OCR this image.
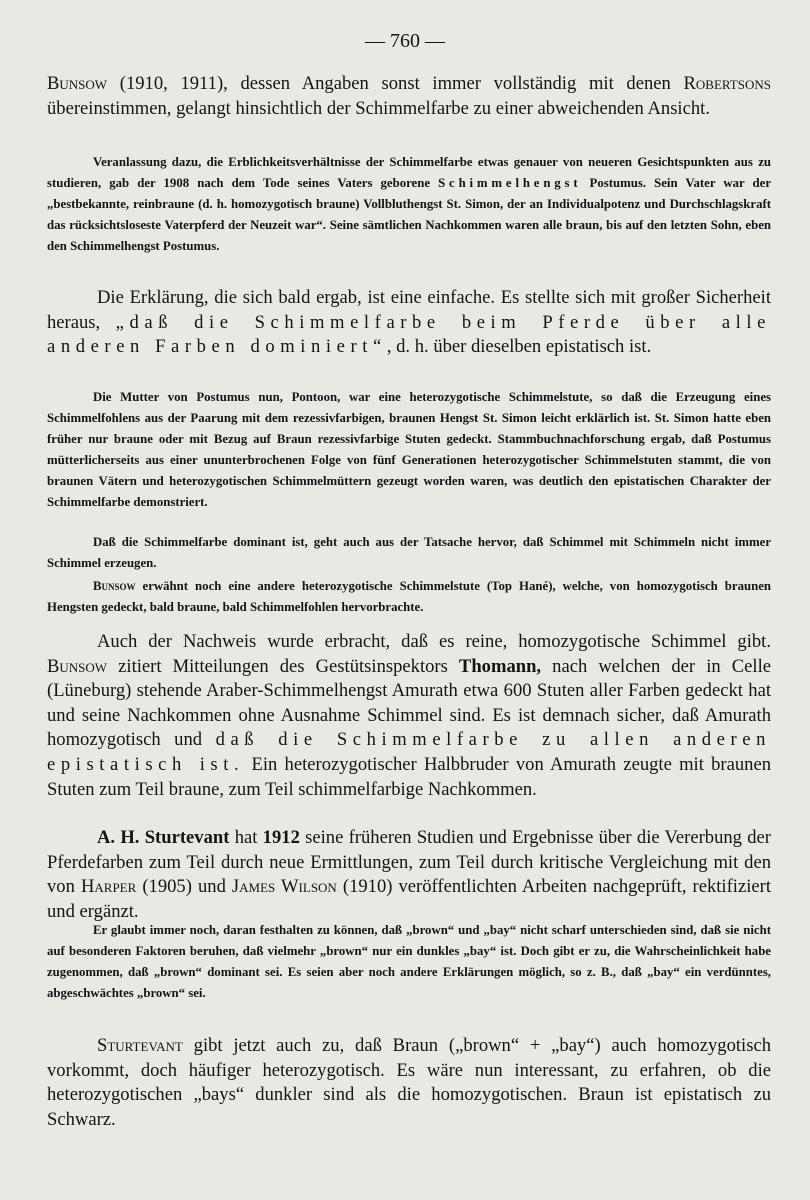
— 760 —

Bunsow (1910, 1911), dessen Angaben sonst immer vollständig mit denen Robertsons übereinstimmen, gelangt hinsichtlich der Schimmelfarbe zu einer abweichenden Ansicht.

Veranlassung dazu, die Erblichkeitsverhältnisse der Schimmelfarbe etwas genauer von neueren Gesichtspunkten aus zu studieren, gab der 1908 nach dem Tode seines Vaters geborene Schimmelhengst Postumus. Sein Vater war der „bestbekannte, reinbraune (d. h. homozygotisch braune) Vollbluthengst St. Simon, der an Individualpotenz und Durchschlagskraft das rücksichtsloseste Vaterpferd der Neuzeit war“. Seine sämtlichen Nachkommen waren alle braun, bis auf den letzten Sohn, eben den Schimmelhengst Postumus.

Die Erklärung, die sich bald ergab, ist eine einfache. Es stellte sich mit großer Sicherheit heraus, „daß die Schimmelfarbe beim Pferde über alle anderen Farben dominiert“, d. h. über dieselben epistatisch ist.

Die Mutter von Postumus nun, Pontoon, war eine heterozygotische Schimmelstute, so daß die Erzeugung eines Schimmelfohlens aus der Paarung mit dem rezessivfarbigen, braunen Hengst St. Simon leicht erklärlich ist. St. Simon hatte eben früher nur braune oder mit Bezug auf Braun rezessivfarbige Stuten gedeckt. Stammbuchnachforschung ergab, daß Postumus mütterlicherseits aus einer ununterbrochenen Folge von fünf Generationen heterozygotischer Schimmelstuten stammt, die von braunen Vätern und heterozygotischen Schimmelmüttern gezeugt worden waren, was deutlich den epistatischen Charakter der Schimmelfarbe demonstriert.

Daß die Schimmelfarbe dominant ist, geht auch aus der Tatsache hervor, daß Schimmel mit Schimmeln nicht immer Schimmel erzeugen.

Bunsow erwähnt noch eine andere heterozygotische Schimmelstute (Top Hané), welche, von homozygotisch braunen Hengsten gedeckt, bald braune, bald Schimmelfohlen hervorbrachte.

Auch der Nachweis wurde erbracht, daß es reine, homozygotische Schimmel gibt. Bunsow zitiert Mitteilungen des Gestütsinspektors Thomann, nach welchen der in Celle (Lüneburg) stehende Araber-Schimmelhengst Amurath etwa 600 Stuten aller Farben gedeckt hat und seine Nachkommen ohne Ausnahme Schimmel sind. Es ist demnach sicher, daß Amurath homozygotisch und daß die Schimmelfarbe zu allen anderen epistatisch ist. Ein heterozygotischer Halbbruder von Amurath zeugte mit braunen Stuten zum Teil braune, zum Teil schimmelfarbige Nachkommen.

A. H. Sturtevant hat 1912 seine früheren Studien und Ergebnisse über die Vererbung der Pferdefarben zum Teil durch neue Ermittlungen, zum Teil durch kritische Vergleichung mit den von Harper (1905) und James Wilson (1910) veröffentlichten Arbeiten nachgeprüft, rektifiziert und ergänzt.

Er glaubt immer noch, daran festhalten zu können, daß „brown“ und „bay“ nicht scharf unterschieden sind, daß sie nicht auf besonderen Faktoren beruhen, daß vielmehr „brown“ nur ein dunkles „bay“ ist. Doch gibt er zu, die Wahrscheinlichkeit habe zugenommen, daß „brown“ dominant sei. Es seien aber noch andere Erklärungen möglich, so z. B., daß „bay“ ein verdünntes, abgeschwächtes „brown“ sei.

Sturtevant gibt jetzt auch zu, daß Braun („brown“ + „bay“) auch homozygotisch vorkommt, doch häufiger heterozygotisch. Es wäre nun interessant, zu erfahren, ob die heterozygotischen „bays“ dunkler sind als die homozygotischen. Braun ist epistatisch zu Schwarz.
